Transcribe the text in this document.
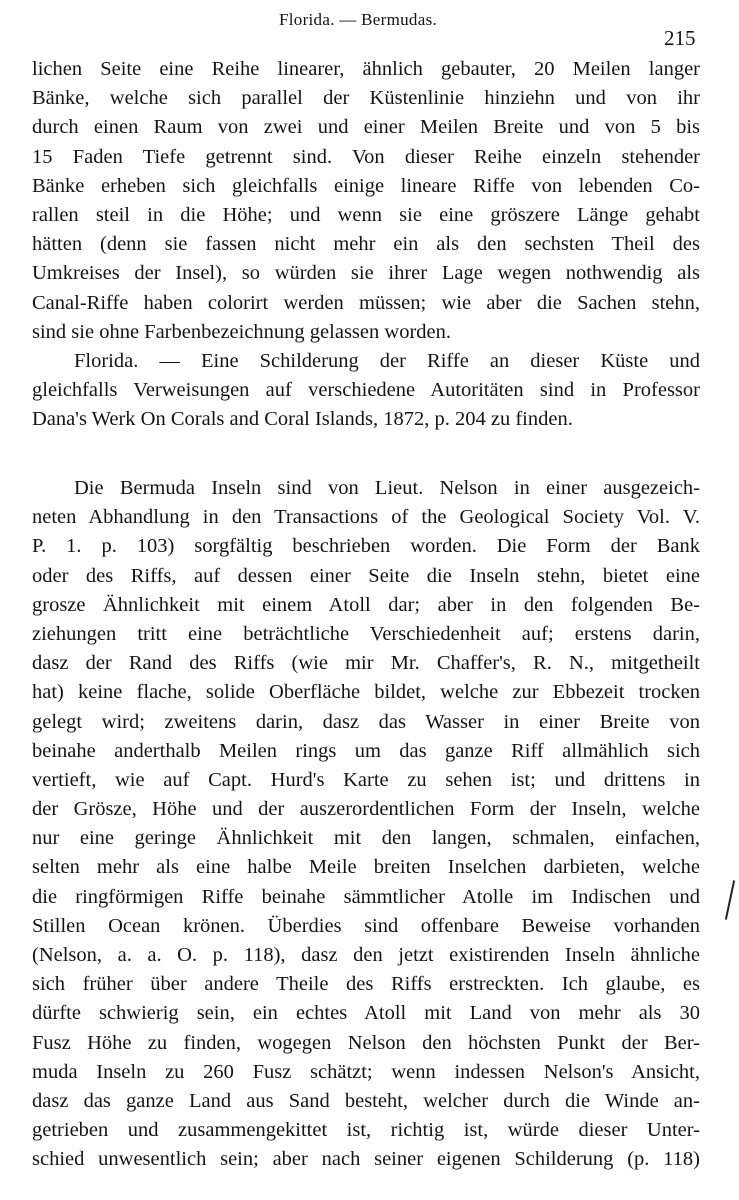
Florida. — Bermudas.
215
lichen Seite eine Reihe linearer, ähnlich gebauter, 20 Meilen langer
Bänke, welche sich parallel der Küstenlinie hinziehn und von ihr
durch einen Raum von zwei und einer Meilen Breite und von 5 bis
15 Faden Tiefe getrennt sind. Von dieser Reihe einzeln stehender
Bänke erheben sich gleichfalls einige lineare Riffe von lebenden Co-
rallen steil in die Höhe; und wenn sie eine gröszere Länge gehabt
hätten (denn sie fassen nicht mehr ein als den sechsten Theil des
Umkreises der Insel), so würden sie ihrer Lage wegen nothwendig als
Canal-Riffe haben colorirt werden müssen; wie aber die Sachen stehn,
sind sie ohne Farbenbezeichnung gelassen worden.
Florida. — Eine Schilderung der Riffe an dieser Küste und
gleichfalls Verweisungen auf verschiedene Autoritäten sind in Professor
Dana's Werk On Corals and Coral Islands, 1872, p. 204 zu finden.
Die Bermuda Inseln sind von Lieut. Nelson in einer ausgezeich-
neten Abhandlung in den Transactions of the Geological Society Vol. V.
P. 1. p. 103) sorgfältig beschrieben worden. Die Form der Bank
oder des Riffs, auf dessen einer Seite die Inseln stehn, bietet eine
grosze Ähnlichkeit mit einem Atoll dar; aber in den folgenden Be-
ziehungen tritt eine beträchtliche Verschiedenheit auf; erstens darin,
dasz der Rand des Riffs (wie mir Mr. Chaffer's, R. N., mitgetheilt
hat) keine flache, solide Oberfläche bildet, welche zur Ebbezeit trocken
gelegt wird; zweitens darin, dasz das Wasser in einer Breite von
beinahe anderthalb Meilen rings um das ganze Riff allmählich sich
vertieft, wie auf Capt. Hurd's Karte zu sehen ist; und drittens in
der Grösze, Höhe und der auszerordentlichen Form der Inseln, welche
nur eine geringe Ähnlichkeit mit den langen, schmalen, einfachen,
selten mehr als eine halbe Meile breiten Inselchen darbieten, welche
die ringförmigen Riffe beinahe sämmtlicher Atolle im Indischen und
Stillen Ocean krönen. Überdies sind offenbare Beweise vorhanden
(Nelson, a. a. O. p. 118), dasz den jetzt existirenden Inseln ähnliche
sich früher über andere Theile des Riffs erstreckten. Ich glaube, es
dürfte schwierig sein, ein echtes Atoll mit Land von mehr als 30
Fusz Höhe zu finden, wogegen Nelson den höchsten Punkt der Ber-
muda Inseln zu 260 Fusz schätzt; wenn indessen Nelson's Ansicht,
dasz das ganze Land aus Sand besteht, welcher durch die Winde an-
getrieben und zusammengekittet ist, richtig ist, würde dieser Unter-
schied unwesentlich sein; aber nach seiner eigenen Schilderung (p. 118)
